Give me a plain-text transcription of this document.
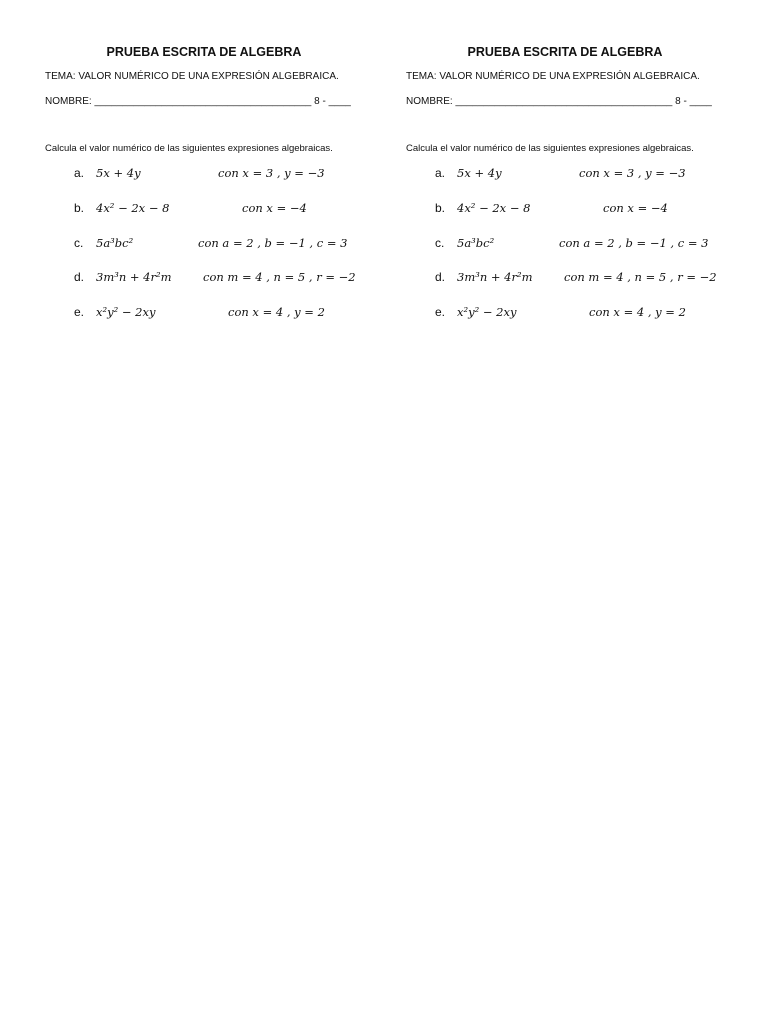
PRUEBA ESCRITA DE ALGEBRA
TEMA: VALOR NUMÉRICO DE UNA EXPRESIÓN ALGEBRAICA.
NOMBRE: _______________________________________ 8 - ____
Calcula el valor numérico de las siguientes expresiones algebraicas.
a. 5x + 4y	con x = 3 , y = −3
b. 4x² − 2x − 8	con x = −4
c. 5a³bc²	con a = 2 , b = −1 , c = 3
d. 3m³n + 4r²m	con m = 4 , n = 5 , r = −2
e. x²y² − 2xy	con x = 4 , y = 2
PRUEBA ESCRITA DE ALGEBRA
TEMA: VALOR NUMÉRICO DE UNA EXPRESIÓN ALGEBRAICA.
NOMBRE: _______________________________________ 8 - ____
Calcula el valor numérico de las siguientes expresiones algebraicas.
a. 5x + 4y	con x = 3 , y = −3
b. 4x² − 2x − 8	con x = −4
c. 5a³bc²	con a = 2 , b = −1 , c = 3
d. 3m³n + 4r²m	con m = 4 , n = 5 , r = −2
e. x²y² − 2xy	con x = 4 , y = 2
